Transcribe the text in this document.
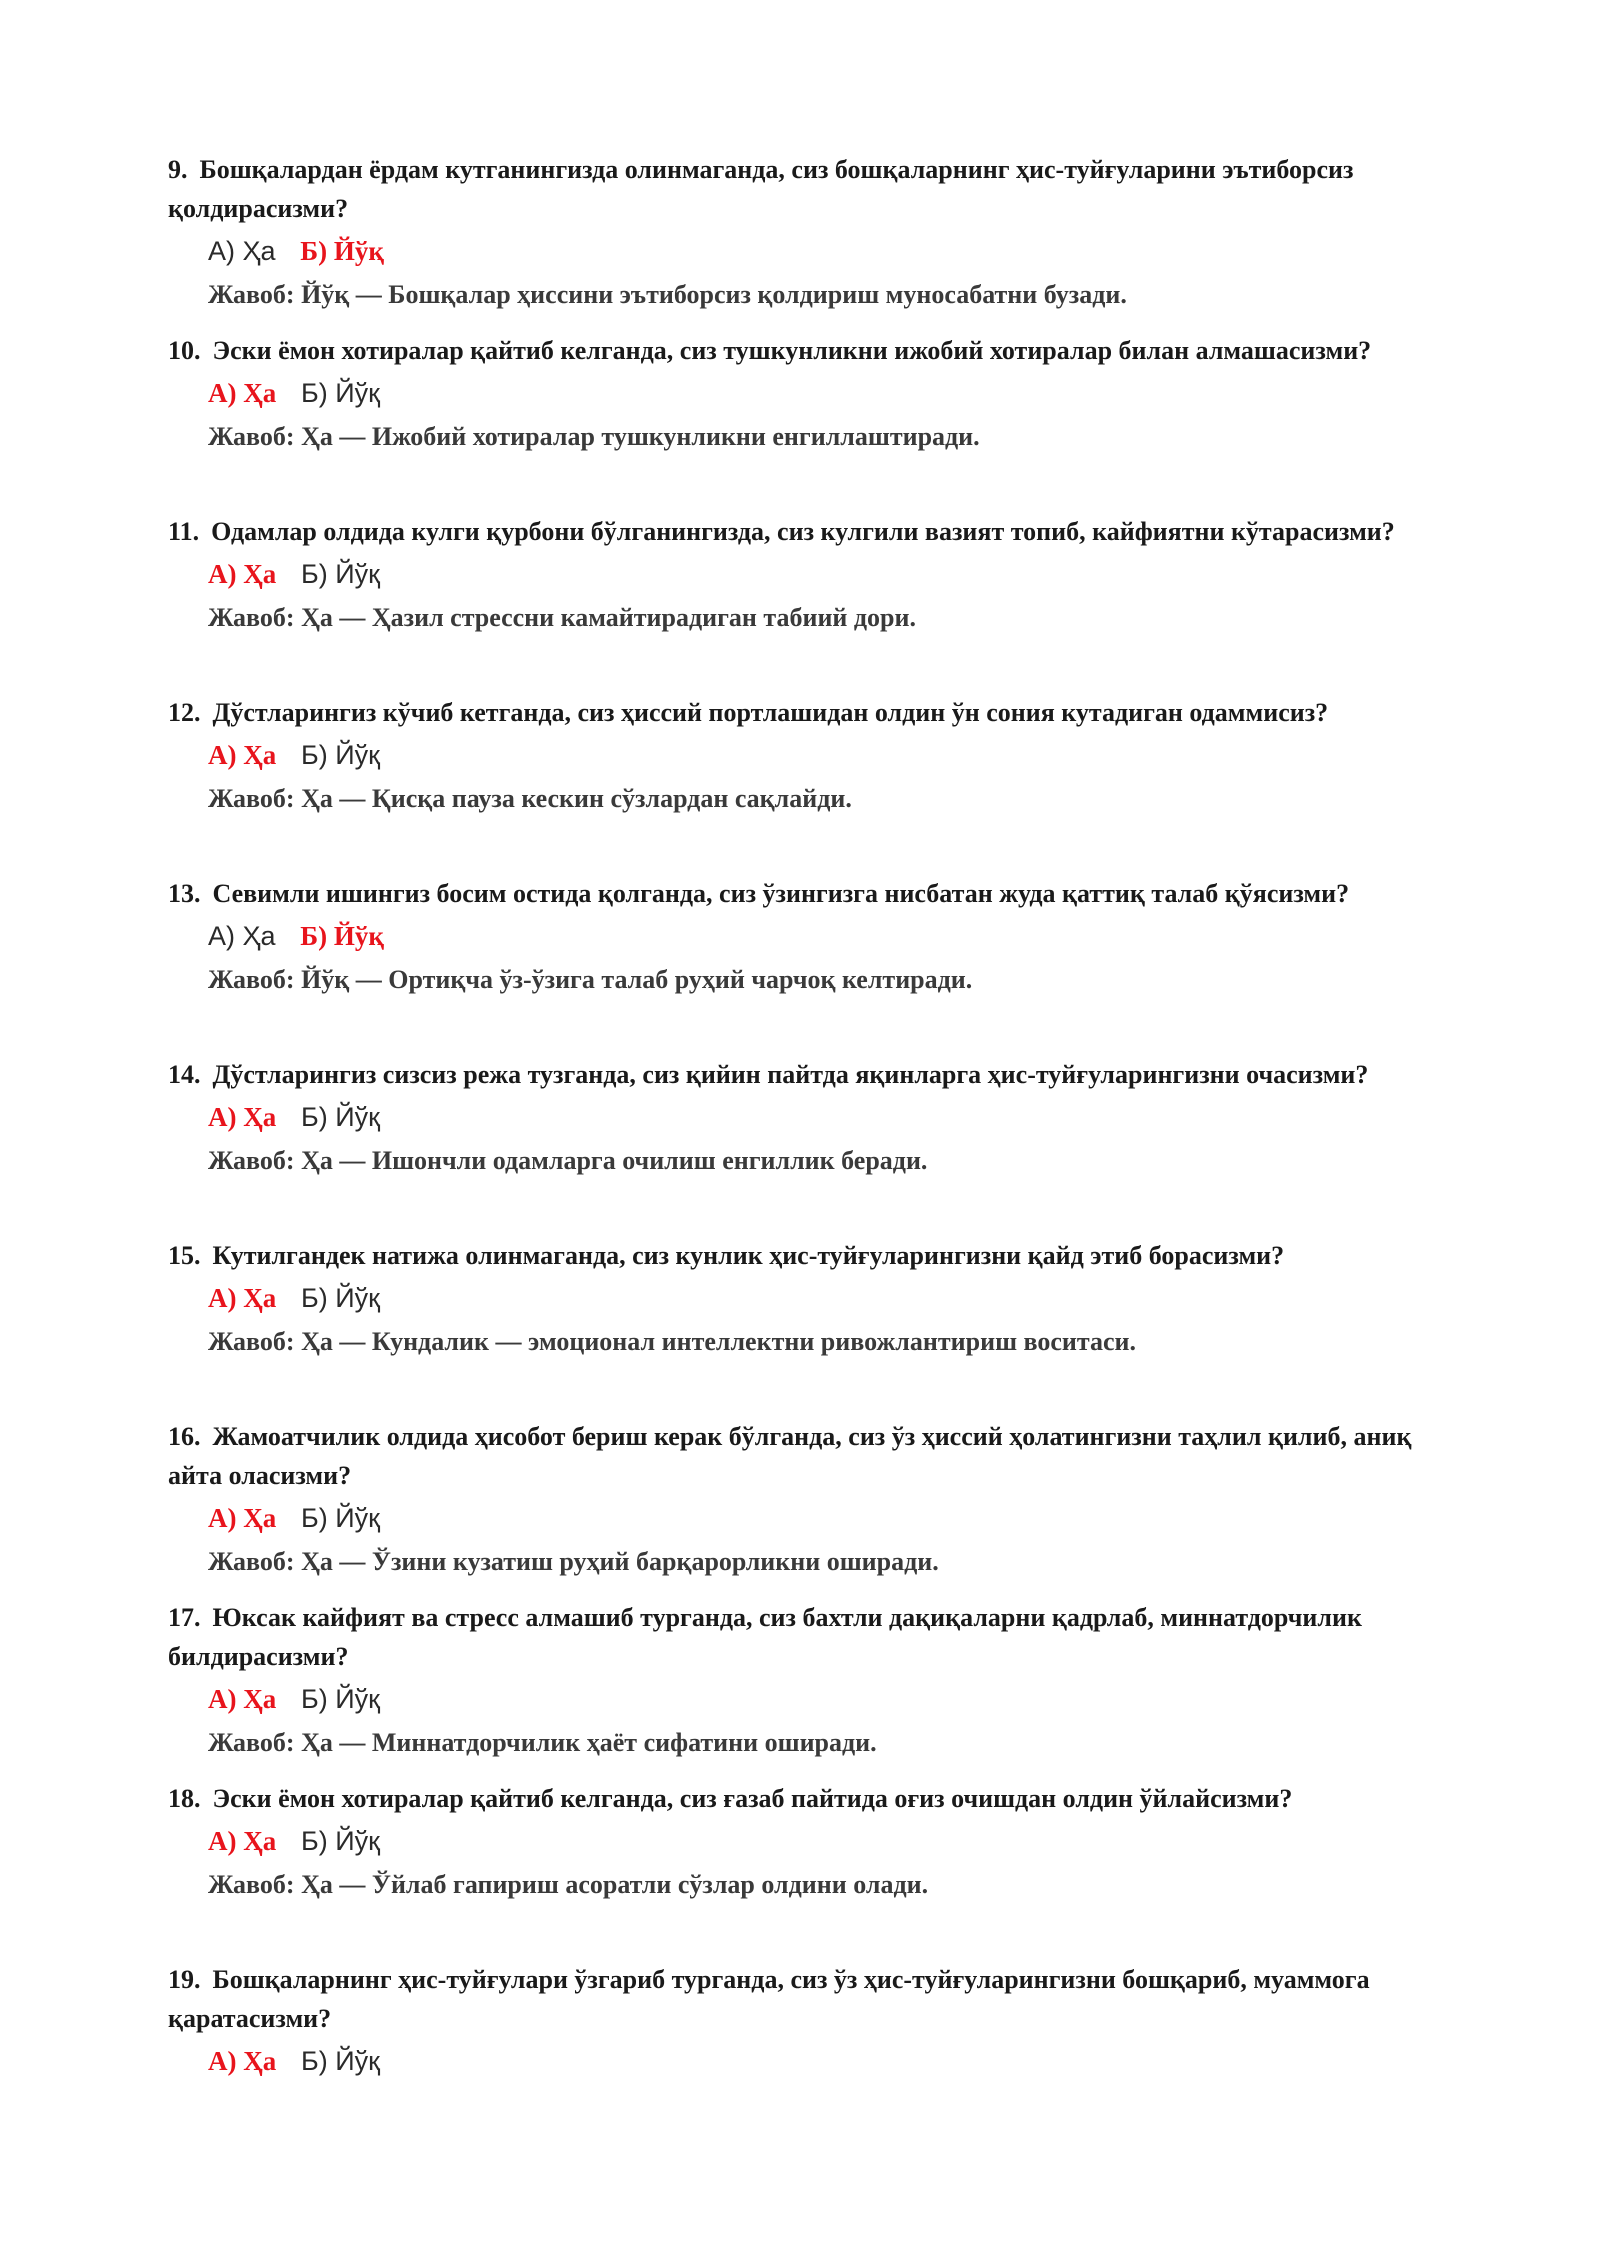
9. Бошқалардан ёрдам кутганингизда олинмаганда, сиз бошқаларнинг ҳис-туйғуларини эътиборсиз қолдирасизми?

А) Ҳа Б) Йўқ
Жавоб: Йўқ — Бошқалар ҳиссини эътиборсиз қолдириш муносабатни бузади.

10. Эски ёмон хотиралар қайтиб келганда, сиз тушкунликни ижобий хотиралар билан алмашасизми?

А) Ҳа Б) Йўқ
Жавоб: Ҳа — Ижобий хотиралар тушкунликни енгиллаштиради.

11. Одамлар олдида кулги қурбони бўлганингизда, сиз кулгили вазият топиб, кайфиятни кўтарасизми?

А) Ҳа Б) Йўқ
Жавоб: Ҳа — Ҳазил стрессни камайтирадиган табиий дори.

12. Дўстларингиз кўчиб кетганда, сиз ҳиссий портлашидан олдин ўн сония кутадиган одаммисиз?

А) Ҳа Б) Йўқ
Жавоб: Ҳа — Қисқа пауза кескин сўзлардан сақлайди.

13. Севимли ишингиз босим остида қолганда, сиз ўзингизга нисбатан жуда қаттиқ талаб қўясизми?

А) Ҳа Б) Йўқ
Жавоб: Йўқ — Ортиқча ўз-ўзига талаб руҳий чарчоқ келтиради.

14. Дўстларингиз сизсиз режа тузганда, сиз қийин пайтда яқинларга ҳис-туйғуларингизни очасизми?

А) Ҳа Б) Йўқ
Жавоб: Ҳа — Ишончли одамларга очилиш енгиллик беради.

15. Кутилгандек натижа олинмаганда, сиз кунлик ҳис-туйғуларингизни қайд этиб борасизми?

А) Ҳа Б) Йўқ
Жавоб: Ҳа — Кундалик — эмоционал интеллектни ривожлантириш воситаси.

16. Жамоатчилик олдида ҳисобот бериш керак бўлганда, сиз ўз ҳиссий ҳолатингизни таҳлил қилиб, аниқ айта оласизми?

А) Ҳа Б) Йўқ
Жавоб: Ҳа — Ўзини кузатиш руҳий барқарорликни оширади.

17. Юксак кайфият ва стресс алмашиб турганда, сиз бахтли дақиқаларни қадрлаб, миннатдорчилик билдирасизми?

А) Ҳа Б) Йўқ
Жавоб: Ҳа — Миннатдорчилик ҳаёт сифатини оширади.

18. Эски ёмон хотиралар қайтиб келганда, сиз ғазаб пайтида оғиз очишдан олдин ўйлайсизми?

А) Ҳа Б) Йўқ
Жавоб: Ҳа — Ўйлаб гапириш асоратли сўзлар олдини олади.

19. Бошқаларнинг ҳис-туйғулари ўзгариб турганда, сиз ўз ҳис-туйғуларингизни бошқариб, муаммога қаратасизми?

А) Ҳа Б) Йўқ
